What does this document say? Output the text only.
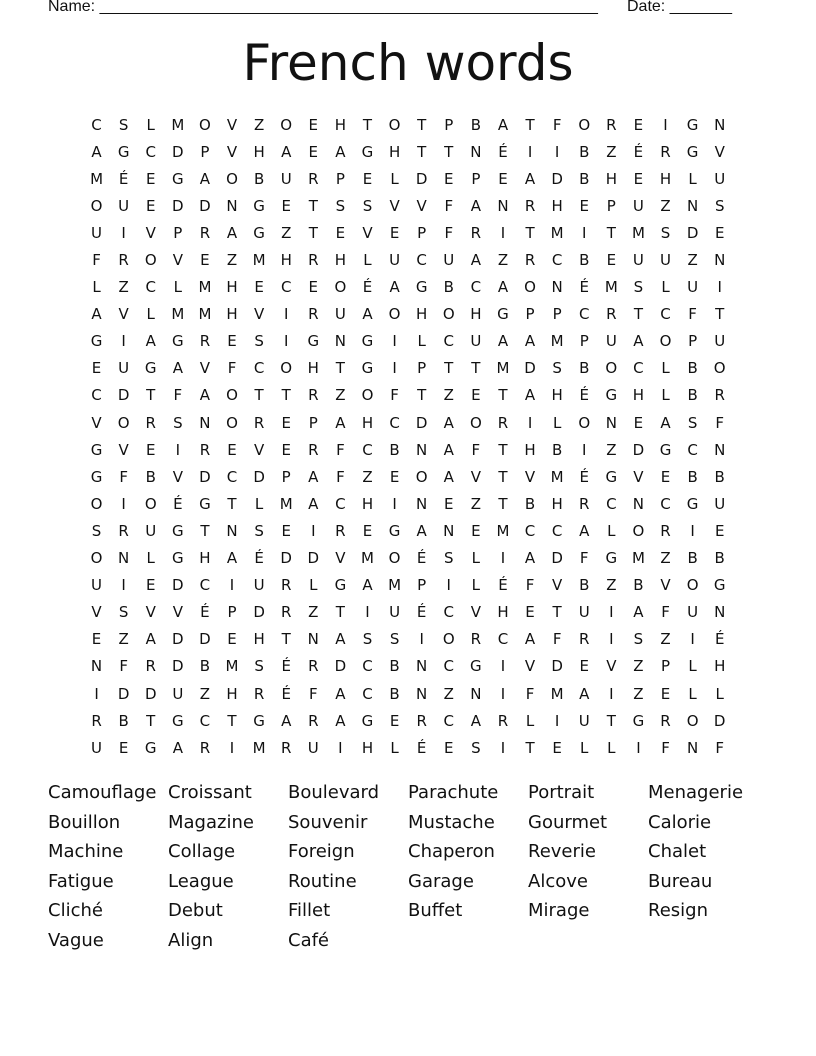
Name: ________________________________________________________ Date: _______
French words
C	S	L	M O	V	Z	O	E	H	T	O	T	P	B	A	T	F	O	R	E	I	G	N
A	G	C	D	P	V	H	A	E	A	G	H	T	T	N	É	I	I	B	Z	É	R	G	V
M	É	E	G	A	O	B	U	R	P	E	L	D	E	P	E	A	D	B	H	E	H	L	U
O	U	E	D	D	N	G	E	T	S	S	V	V	F	A	N	R	H	E	P	U	Z	N	S
U	I	V	P	R	A	G	Z	T	E	V	E	P	F	R	I	T	M	I	T	M	S	D	E
F	R	O	V	E	Z	M H	R	H	L	U	C	U	A	Z	R	C	B	E	U	U	Z	N
L	Z	C	L	M H	E	C	E	O	É	A	G	B	C	A	O	N	É	M	S	L	U	I
A	V	L	M M H	V	I	R	U	A	O	H	O	H	G	P	P	C	R	T	C	F	T
G	I	A	G	R	E	S	I	G	N	G	I	L	C	U	A	A	M	P	U	A	O	P	U
E	U	G	A	V	F	C	O	H	T	G	I	P	T	T	M D	S	B	O	C	L	B	O
C	D	T	F	A	O	T	T	R	Z	O	F	T	Z	E	T	A	H	É	G	H	L	B	R
V	O	R	S	N	O	R	E	P	A	H	C	D	A	O	R	I	L	O	N	E	A	S	F
G	V	E	I	R	E	V	E	R	F	C	B	N	A	F	T	H	B	I	Z	D	G	C	N
G	F	B	V	D	C	D	P	A	F	Z	E	O	A	V	T	V	M	É	G	V	E	B	B
O	I	O	É	G	T	L	M	A	C	H	I	N	E	Z	T	B	H	R	C	N	C	G	U
S	R	U	G	T	N	S	E	I	R	E	G	A	N	E	M	C	C	A	L	O	R	I	E
O	N	L	G	H	A	É	D	D	V	M O	É	S	L	I	A	D	F	G M	Z	B	B
U	I	E	D	C	I	U	R	L	G	A	M	P	I	L	É	F	V	B	Z	B	V	O	G
V	S	V	V	É	P	D	R	Z	T	I	U	É	C	V	H	E	T	U	I	A	F	U	N
E	Z	A	D	D	E	H	T	N	A	S	S	I	O	R	C	A	F	R	I	S	Z	I	É
N	F	R	D	B	M	S	É	R	D	C	B	N	C	G	I	V	D	E	V	Z	P	L	H
I	D	D	U	Z	H	R	É	F	A	C	B	N	Z	N	I	F	M	A	I	Z	E	L	L
R	B	T	G	C	T	G	A	R	A	G	E	R	C	A	R	L	I	U	T	G	R	O	D
U	E	G	A	R	I	M	R	U	I	H	L	É	E	S	I	T	E	L	L	I	F	N	F
Camouflage Croissant	Boulevard	Parachute	Portrait	Menagerie
Bouillon	Magazine	Souvenir	Mustache	Gourmet	Calorie
Machine	Collage	Foreign	Chaperon	Reverie	Chalet
Fatigue	League	Routine	Garage	Alcove	Bureau
Cliché	Debut	Fillet	Buffet	Mirage	Resign
Vague	Align	Café
